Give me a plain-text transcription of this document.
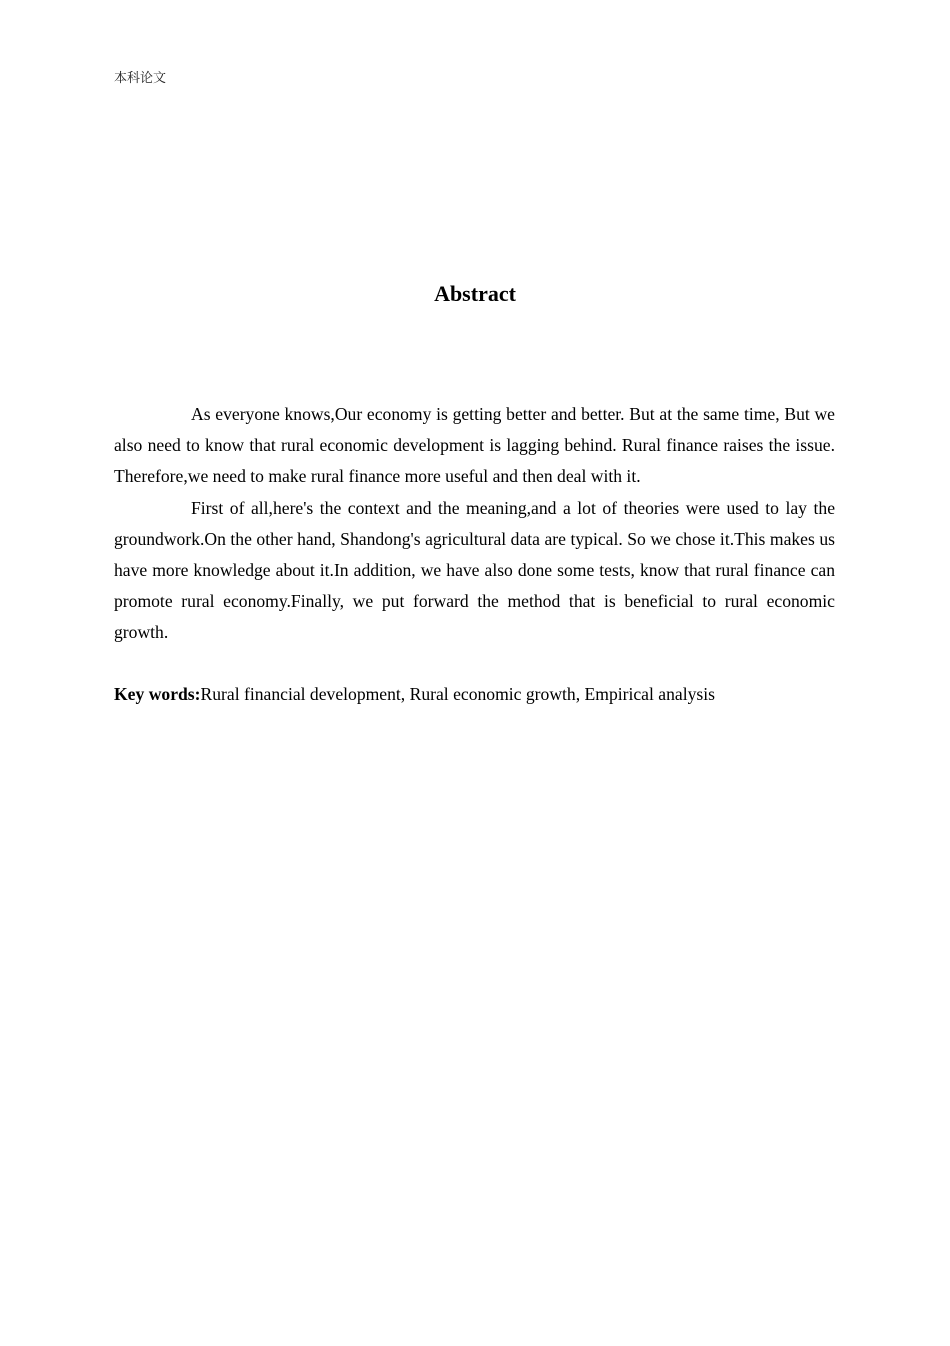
本科论文
Abstract

As everyone knows,Our economy is getting better and better. But at the same time, But we also need to know that rural economic development is lagging behind. Rural finance raises the issue. Therefore,we need to make rural finance more useful and then deal with it.

First of all,here's the context and the meaning,and a lot of theories were used to lay the groundwork.On the other hand, Shandong's agricultural data are typical. So we chose it.This makes us have more knowledge about it.In addition, we have also done some tests, know that rural finance can promote rural economy.Finally, we put forward the method that is beneficial to rural economic growth.

Key words:Rural financial development, Rural economic growth, Empirical analysis
